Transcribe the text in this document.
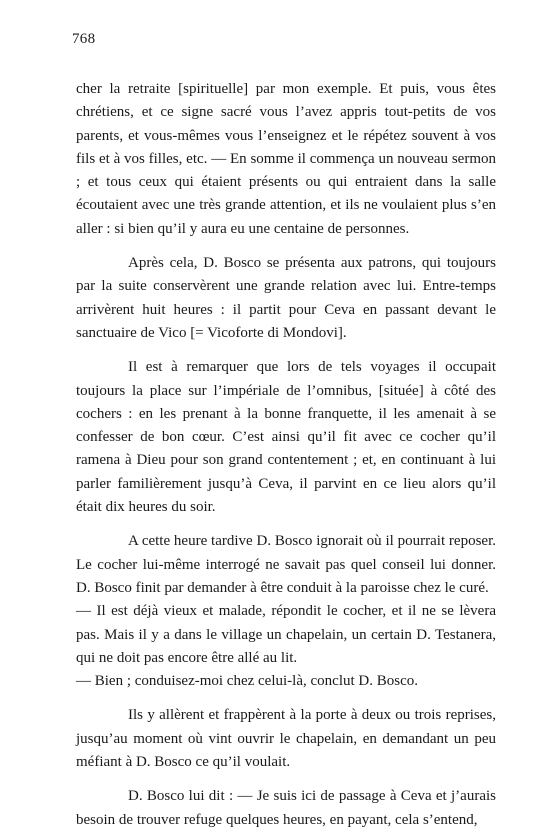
768

cher la retraite [spirituelle] par mon exemple. Et puis, vous êtes chrétiens, et ce signe sacré vous l’avez appris tout-petits de vos parents, et vous-mêmes vous l’enseignez et le répétez souvent à vos fils et à vos filles, etc. — En somme il commença un nouveau sermon ; et tous ceux qui étaient présents ou qui entraient dans la salle écoutaient avec une très grande attention, et ils ne voulaient plus s’en aller : si bien qu’il y aura eu une centaine de personnes.

Après cela, D. Bosco se présenta aux patrons, qui toujours par la suite conservèrent une grande relation avec lui. Entre-temps arrivèrent huit heures : il partit pour Ceva en passant devant le sanctuaire de Vico [= Vicoforte di Mondovi].

Il est à remarquer que lors de tels voyages il occupait toujours la place sur l’impériale de l’omnibus, [située] à côté des cochers : en les prenant à la bonne franquette, il les amenait à se confesser de bon cœur. C’est ainsi qu’il fit avec ce cocher qu’il ramena à Dieu pour son grand contentement ; et, en continuant à lui parler familièrement jusqu’à Ceva, il parvint en ce lieu alors qu’il était dix heures du soir.

A cette heure tardive D. Bosco ignorait où il pourrait reposer. Le cocher lui-même interrogé ne savait pas quel conseil lui donner. D. Bosco finit par demander à être conduit à la paroisse chez le curé.

— Il est déjà vieux et malade, répondit le cocher, et il ne se lèvera pas. Mais il y a dans le village un chapelain, un certain D. Testanera, qui ne doit pas encore être allé au lit.

— Bien ; conduisez-moi chez celui-là, conclut D. Bosco.

Ils y allèrent et frappèrent à la porte à deux ou trois reprises, jusqu’au moment où vint ouvrir le chapelain, en demandant un peu méfiant à D. Bosco ce qu’il voulait.

D. Bosco lui dit : — Je suis ici de passage à Ceva et j’aurais besoin de trouver refuge quelques heures, en payant, cela s’entend,
